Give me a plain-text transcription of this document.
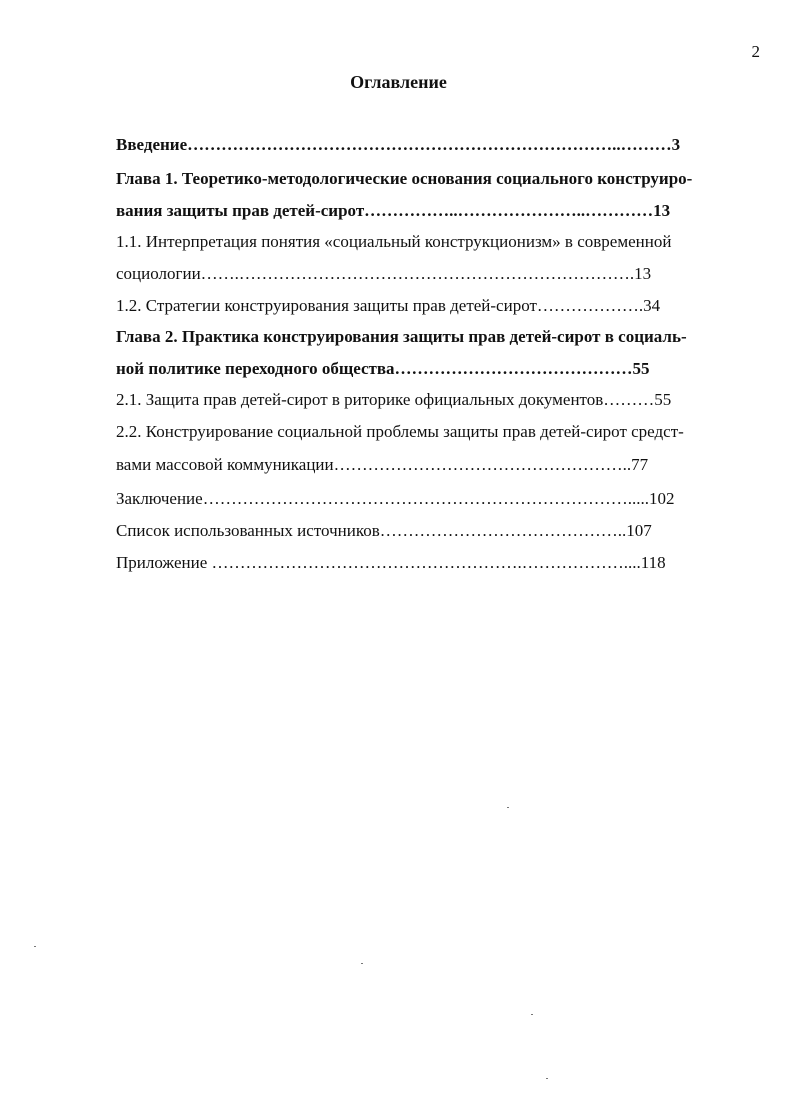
2
Оглавление
Введение…………………………………………………………………..………3
Глава 1. Теоретико-методологические основания социального конструиро-
вания защиты прав детей-сирот……………..…………………..…………13
1.1. Интерпретация понятия «социальный конструкционизм» в современной
социологии…….…………………………………………………………….13
1.2. Стратегии конструирования защиты прав детей-сирот……………….34
Глава 2. Практика конструирования защиты прав детей-сирот в социаль-
ной политике переходного общества……………………………………55
2.1. Защита прав детей-сирот в риторике официальных документов………55
2.2. Конструирование социальной проблемы защиты прав детей-сирот средст-
вами массовой коммуникации……………………………………………..77
Заключение………………………………………………………………….....102
Список использованных источников……………………………………..107
Приложение ……………………………………………….………………....118
